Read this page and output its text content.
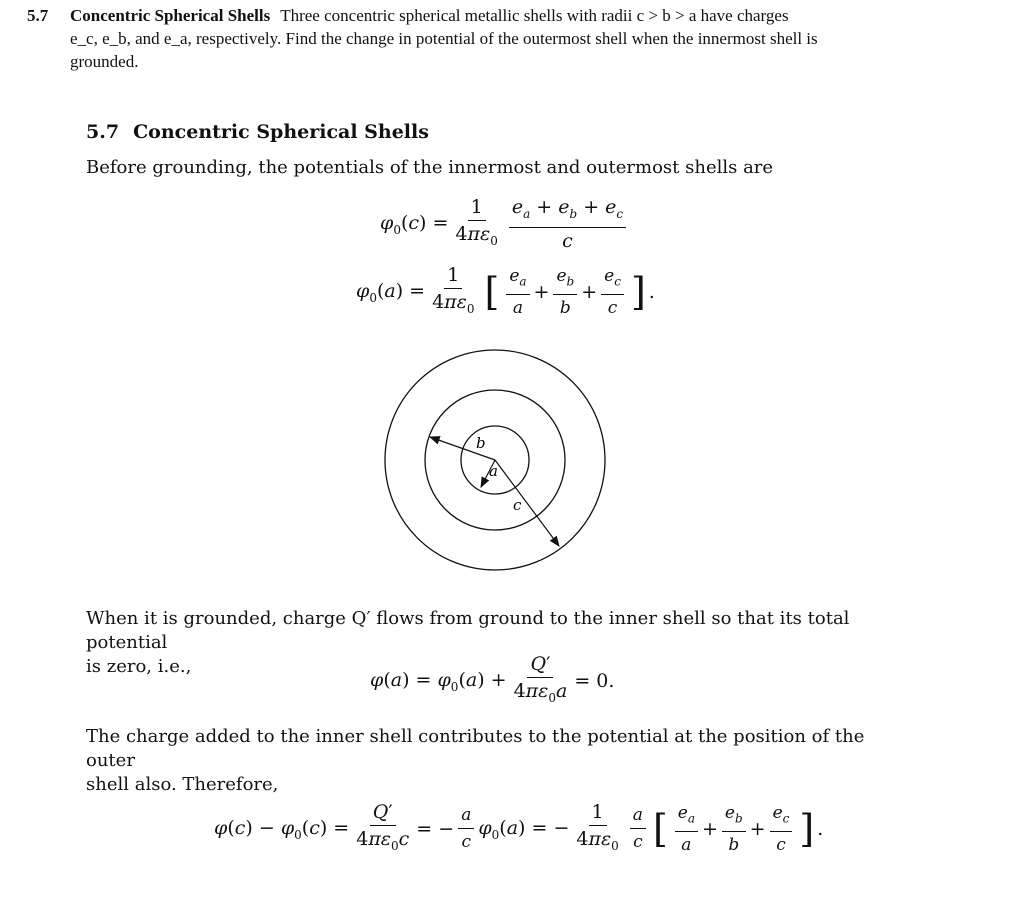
5.7 Concentric Spherical Shells Three concentric spherical metallic shells with radii c > b > a have charges
e_c, e_b, and e_a, respectively. Find the change in potential of the outermost shell when the innermost shell is
grounded.
5.7 Concentric Spherical Shells
Before grounding, the potentials of the innermost and outermost shells are
$\varphi_0(c) = \frac{1}{4\pi\varepsilon_0} \frac{e_a + e_b + e_c}{c}$
$\varphi_0(a) = \frac{1}{4\pi\varepsilon_0}$ [ $\frac{e_a}{a} + \frac{e_b}{b} + \frac{e_c}{c}$ ] .
b
a
c
When it is grounded, charge Q′ flows from ground to the inner shell so that its total potential
is zero, i.e.,
$\varphi(a) = \varphi_0(a) + \frac{Q'}{4\pi\varepsilon_0a} = 0$.
The charge added to the inner shell contributes to the potential at the position of the outer
shell also. Therefore,
$\varphi(c) - \varphi_0(c) = \frac{Q'}{4\pi\varepsilon_0c}$ = − $\frac{a}{c} \varphi_0(a)$ = − $\frac{1}{4\pi\varepsilon_0} \frac{a}{c}$ [ $\frac{e_a}{a} + \frac{e_b}{b} + \frac{e_c}{c}$ ] .
